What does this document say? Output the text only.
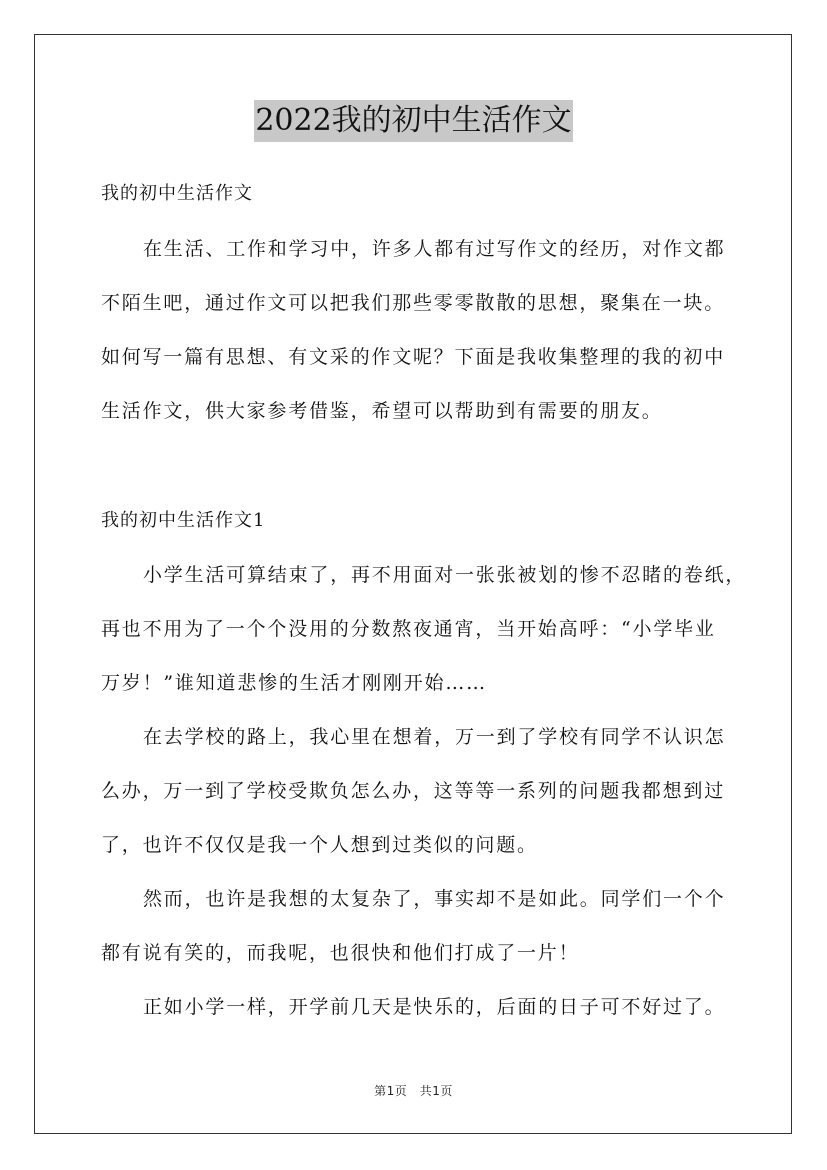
2022我的初中生活作文
我的初中生活作文
在生活、工作和学习中，许多人都有过写作文的经历，对作文都
不陌生吧，通过作文可以把我们那些零零散散的思想，聚集在一块。
如何写一篇有思想、有文采的作文呢？下面是我收集整理的我的初中
生活作文，供大家参考借鉴，希望可以帮助到有需要的朋友。
我的初中生活作文1
小学生活可算结束了，再不用面对一张张被划的惨不忍睹的卷纸，
再也不用为了一个个没用的分数熬夜通宵，当开始高呼：“小学毕业
万岁！”谁知道悲惨的生活才刚刚开始……
在去学校的路上，我心里在想着，万一到了学校有同学不认识怎
么办，万一到了学校受欺负怎么办，这等等一系列的问题我都想到过
了，也许不仅仅是我一个人想到过类似的问题。
然而，也许是我想的太复杂了，事实却不是如此。同学们一个个
都有说有笑的，而我呢，也很快和他们打成了一片！
正如小学一样，开学前几天是快乐的，后面的日子可不好过了。
第1页　共1页
